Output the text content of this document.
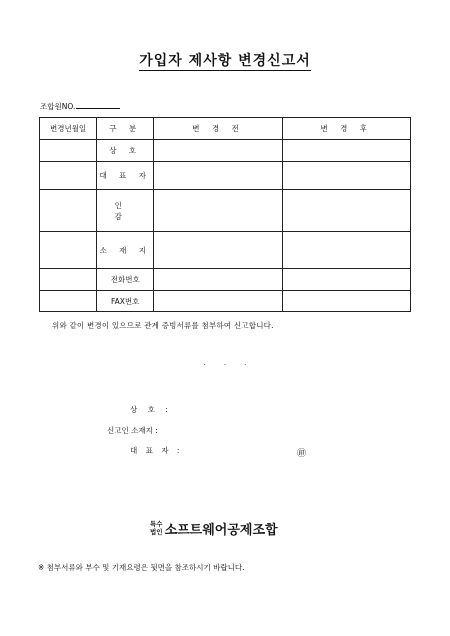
가입자 제사항 변경신고서
조합원NO.
변경년월일	구 분	변 경 전	변 경 후
	상 호		
	대 표 자		
	인 감		
	소 재 지		
	전화번호		
	FAX번호		
위와 같이 변경이 있으므로 관계 증빙서류를 첨부하여 신고합니다.
.	.	.
상 호 :
신고인 소재지 :
대 표 자 :	㊞
특수
법인 소프트웨어공제조합
※ 첨부서류와 부수 및 기재요령은 뒷면을 참조하시기 바랍니다.
